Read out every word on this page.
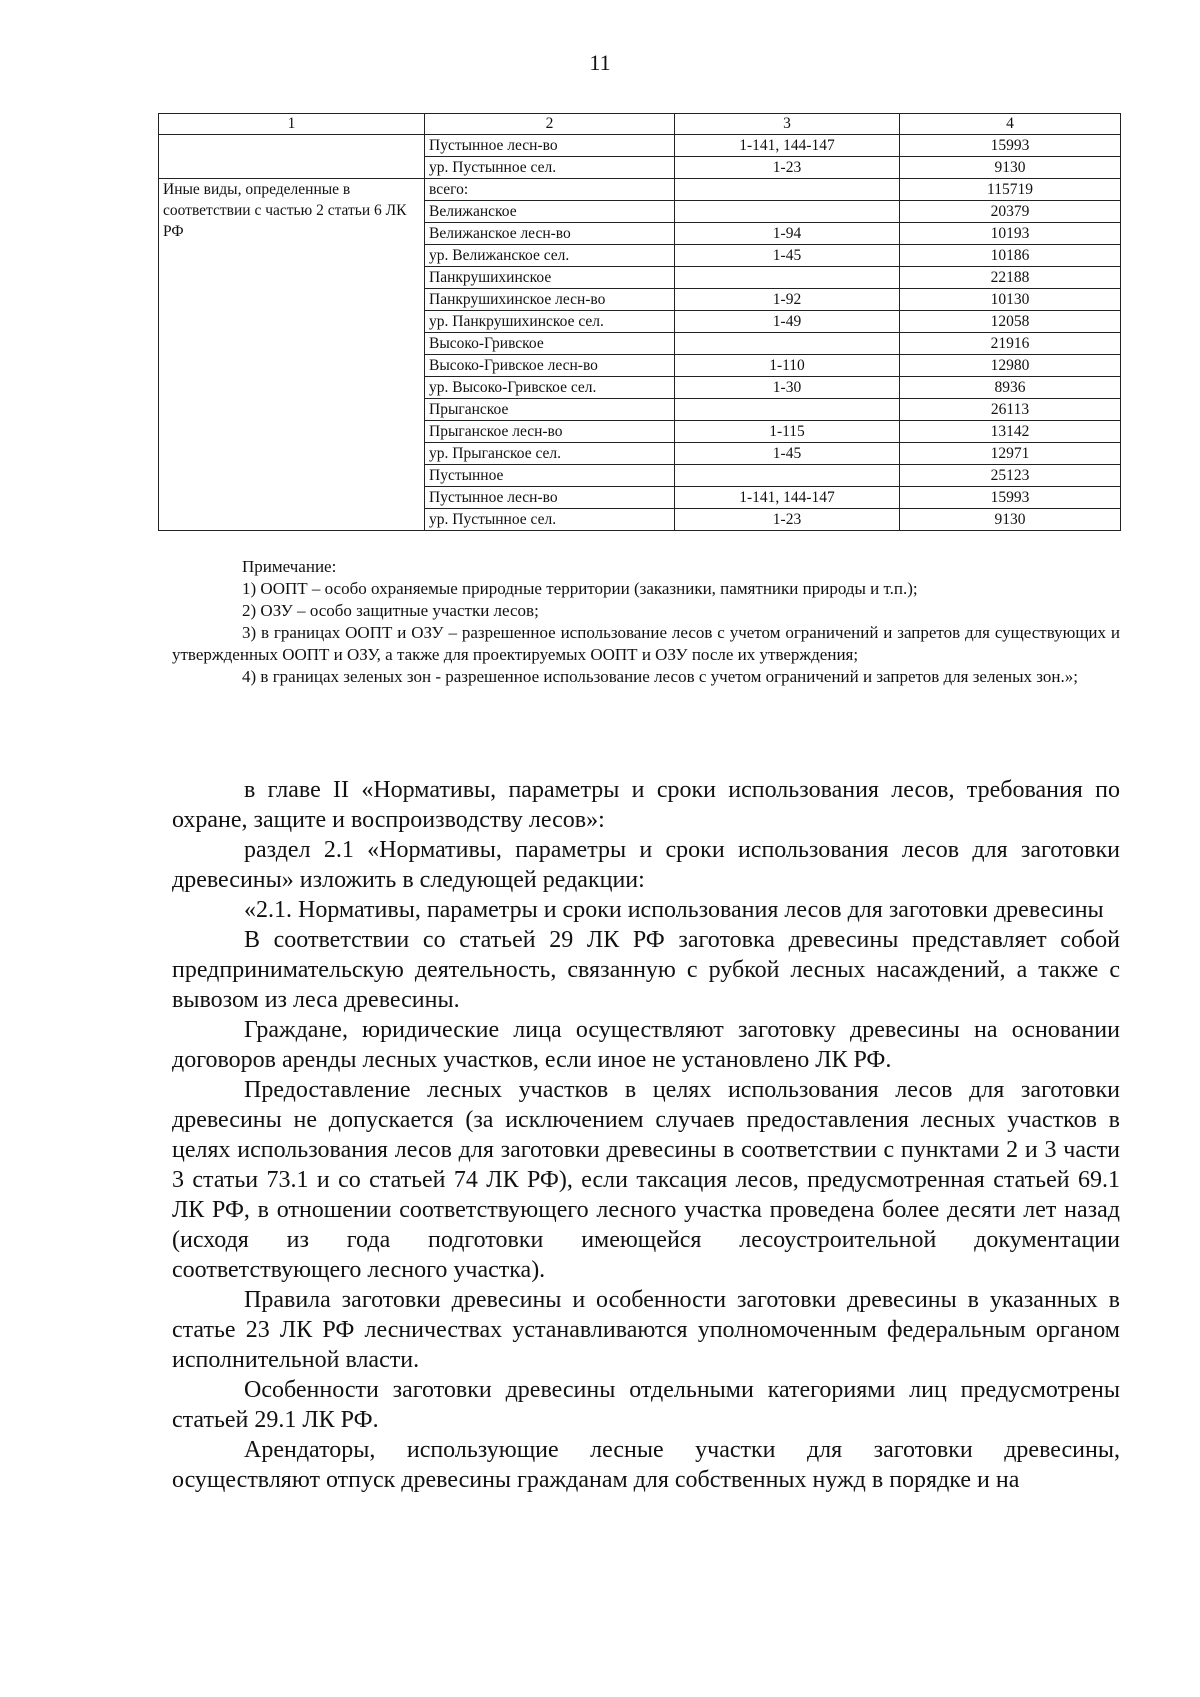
11
1	2	3	4
	Пустынное лесн-во	1-141, 144-147	15993
	ур. Пустынное сел.	1-23	9130
Иные виды, определенные в соответствии с частью 2 статьи 6 ЛК РФ	всего:		115719
	Велижанское		20379
	Велижанское лесн-во	1-94	10193
	ур. Велижанское сел.	1-45	10186
	Панкрушихинское		22188
	Панкрушихинское лесн-во	1-92	10130
	ур. Панкрушихинское сел.	1-49	12058
	Высоко-Гривское		21916
	Высоко-Гривское лесн-во	1-110	12980
	ур. Высоко-Гривское сел.	1-30	8936
	Прыганское		26113
	Прыганское лесн-во	1-115	13142
	ур. Прыганское сел.	1-45	12971
	Пустынное		25123
	Пустынное лесн-во	1-141, 144-147	15993
	ур. Пустынное сел.	1-23	9130

Примечание:

1) ООПТ – особо охраняемые природные территории (заказники, памятники природы и т.п.);

2) ОЗУ – особо защитные участки лесов;

3) в границах ООПТ и ОЗУ – разрешенное использование лесов с учетом ограничений и запретов для существующих и утвержденных ООПТ и ОЗУ, а также для проектируемых ООПТ и ОЗУ после их утверждения;

4) в границах зеленых зон - разрешенное использование лесов с учетом ограничений и запретов для зеленых зон.»;

в главе II «Нормативы, параметры и сроки использования лесов, требования по охране, защите и воспроизводству лесов»:

раздел 2.1 «Нормативы, параметры и сроки использования лесов для заготовки древесины» изложить в следующей редакции:

«2.1. Нормативы, параметры и сроки использования лесов для заготовки древесины

В соответствии со статьей 29 ЛК РФ заготовка древесины представляет собой предпринимательскую деятельность, связанную с рубкой лесных насаждений, а также с вывозом из леса древесины.

Граждане, юридические лица осуществляют заготовку древесины на основании договоров аренды лесных участков, если иное не установлено ЛК РФ.

Предоставление лесных участков в целях использования лесов для заготовки древесины не допускается (за исключением случаев предоставления лесных участков в целях использования лесов для заготовки древесины в соответствии с пунктами 2 и 3 части 3 статьи 73.1 и со статьей 74 ЛК РФ), если таксация лесов, предусмотренная статьей 69.1 ЛК РФ, в отношении соответствующего лесного участка проведена более десяти лет назад (исходя из года подготовки имеющейся лесоустроительной документации соответствующего лесного участка).

Правила заготовки древесины и особенности заготовки древесины в указанных в статье 23 ЛК РФ лесничествах устанавливаются уполномоченным федеральным органом исполнительной власти.

Особенности заготовки древесины отдельными категориями лиц предусмотрены статьей 29.1 ЛК РФ.

Арендаторы, использующие лесные участки для заготовки древесины, осуществляют отпуск древесины гражданам для собственных нужд в порядке и на
